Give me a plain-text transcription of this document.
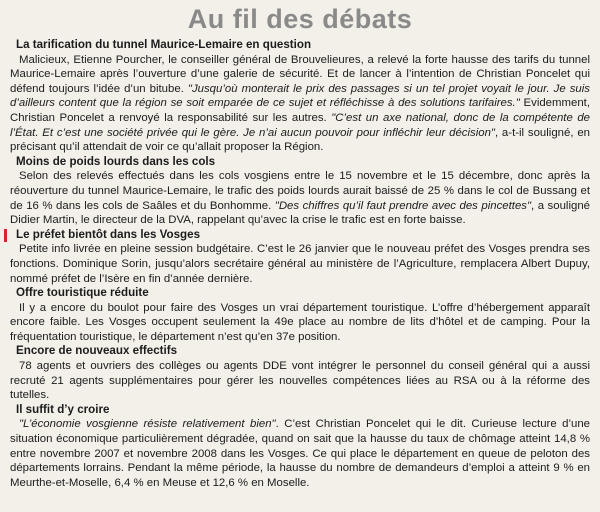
Au fil des débats
La tarification du tunnel Maurice-Lemaire en question

Malicieux, Etienne Pourcher, le conseiller général de Brouvelieures, a relevé la forte hausse des tarifs du tunnel Maurice-Lemaire après l’ouverture d’une galerie de sécurité. Et de lancer à l’intention de Christian Poncelet qui défend toujours l’idée d’un bitube. "Jusqu’où monterait le prix des passages si un tel projet voyait le jour. Je suis d’ailleurs content que la région se soit emparée de ce sujet et réfléchisse à des solutions tarifaires." Evidemment, Christian Poncelet a renvoyé la responsabilité sur les autres. "C’est un axe national, donc de la compétente de l’État. Et c’est une société privée qui le gère. Je n’ai aucun pouvoir pour infléchir leur décision", a-t-il souligné, en précisant qu’il attendait de voir ce qu’allait proposer la Région.

Moins de poids lourds dans les cols

Selon des relevés effectués dans les cols vosgiens entre le 15 novembre et le 15 décembre, donc après la réouverture du tunnel Maurice-Lemaire, le trafic des poids lourds aurait baissé de 25 % dans le col de Bussang et de 16 % dans les cols de Saâles et du Bonhomme. "Des chiffres qu’il faut prendre avec des pincettes", a souligné Didier Martin, le directeur de la DVA, rappelant qu’avec la crise le trafic est en forte baisse.

Le préfet bientôt dans les Vosges

Petite info livrée en pleine session budgétaire. C’est le 26 janvier que le nouveau préfet des Vosges prendra ses fonctions. Dominique Sorin, jusqu’alors secrétaire général au ministère de l’Agriculture, remplacera Albert Dupuy, nommé préfet de l’Isère en fin d’année dernière.

Offre touristique réduite

Il y a encore du boulot pour faire des Vosges un vrai département touristique. L’offre d’hébergement apparaît encore faible. Les Vosges occupent seulement la 49e place au nombre de lits d’hôtel et de camping. Pour la fréquentation touristique, le département n’est qu’en 37e position.

Encore de nouveaux effectifs

78 agents et ouvriers des collèges ou agents DDE vont intégrer le personnel du conseil général qui a aussi recruté 21 agents supplémentaires pour gérer les nouvelles compétences liées au RSA ou à la réforme des tutelles.

Il suffit d’y croire

"L’économie vosgienne résiste relativement bien". C’est Christian Poncelet qui le dit. Curieuse lecture d’une situation économique particulièrement dégradée, quand on sait que la hausse du taux de chômage atteint 14,8 % entre novembre 2007 et novembre 2008 dans les Vosges. Ce qui place le département en queue de peloton des départements lorrains. Pendant la même période, la hausse du nombre de demandeurs d’emploi a atteint 9 % en Meurthe-et-Moselle, 6,4 % en Meuse et 12,6 % en Moselle.
